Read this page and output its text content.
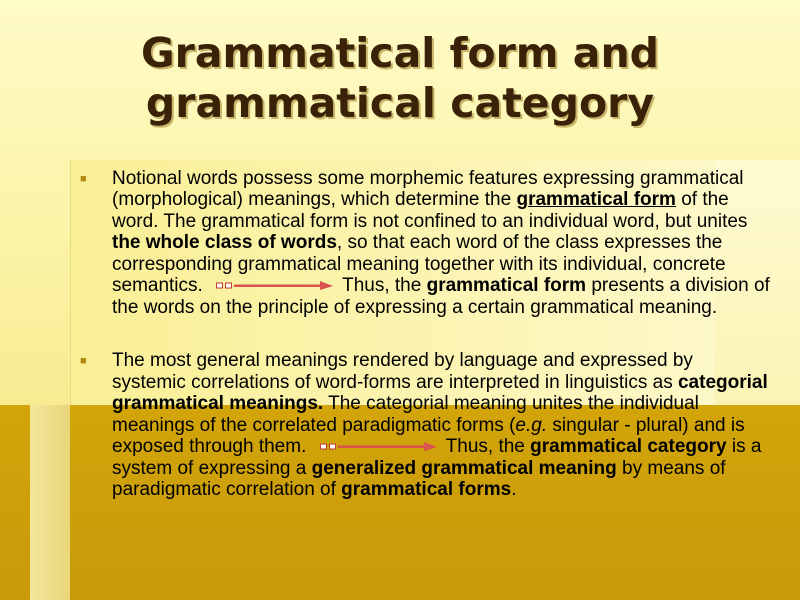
Grammatical form and
grammatical category
■ Notional words possess some morphemic features expressing grammatical (morphological) meanings, which determine the grammatical form of the word. The grammatical form is not confined to an individual word, but unites the whole class of words, so that each word of the class expresses the corresponding grammatical meaning together with its individual, concrete semantics.	Thus, the grammatical form presents a division of the words on the principle of expressing a certain grammatical meaning.
■ The most general meanings rendered by language and expressed by systemic correlations of word-forms are interpreted in linguistics as categorial grammatical meanings. The categorial meaning unites the individual meanings of the correlated paradigmatic forms (e.g. singular - plural) and is exposed through them.	Thus, the grammatical category is a system of expressing a generalized grammatical meaning by means of paradigmatic correlation of grammatical forms.
